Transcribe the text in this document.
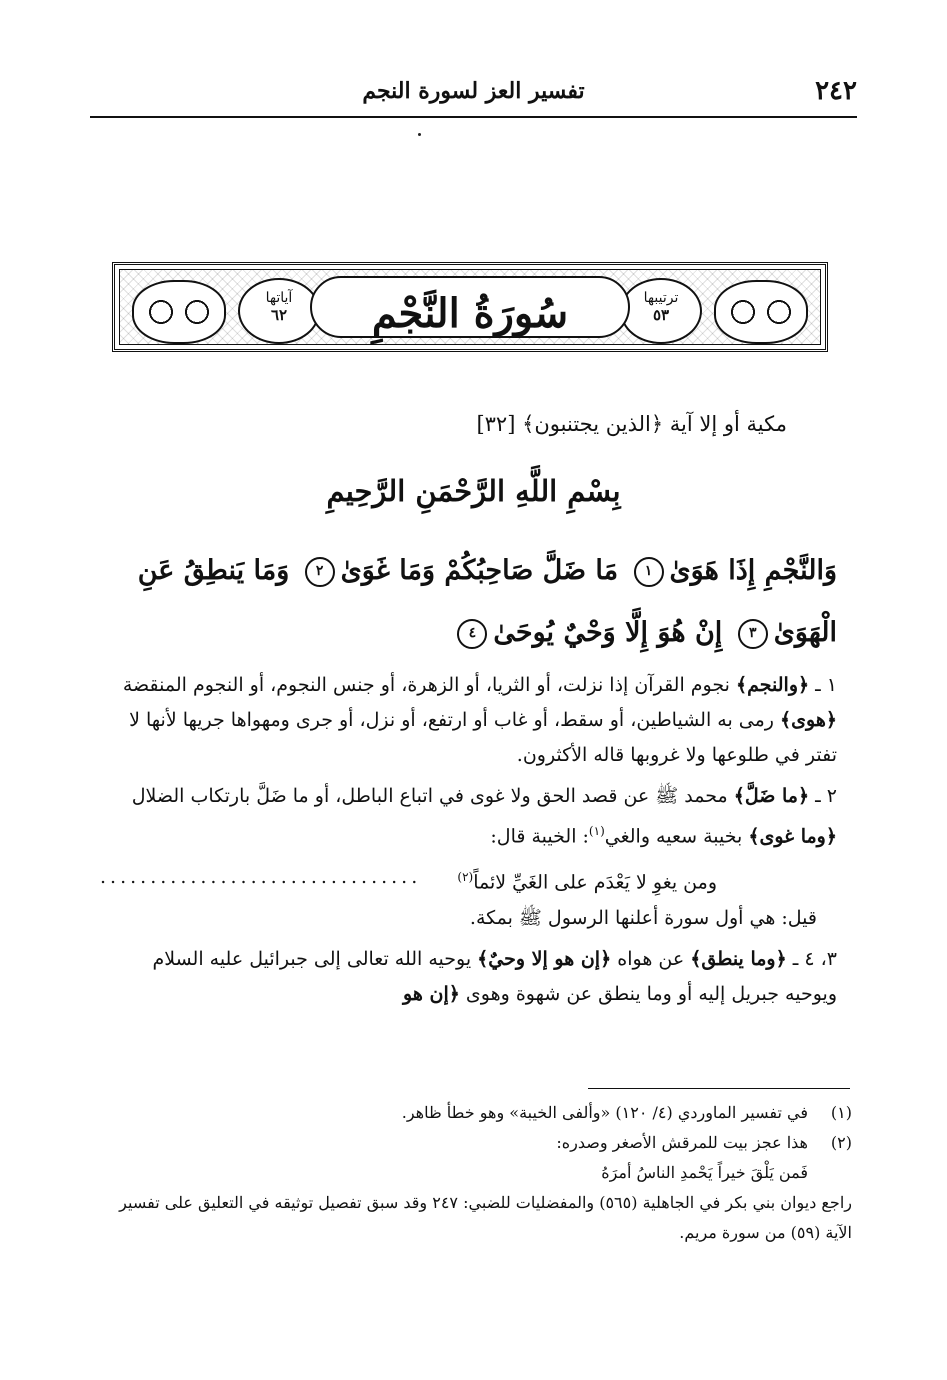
٢٤٢
تفسير العز لسورة النجم
آياتها
٦٢
ترتيبها
٥٣
سُورَةُ النَّجْمِ
مكية أو إلا آية ﴿الذين يجتنبون﴾ [٣٢]
بِسْمِ اللَّهِ الرَّحْمَنِ الرَّحِيمِ
وَالنَّجْمِ إِذَا هَوَىٰ١ مَا ضَلَّ صَاحِبُكُمْ وَمَا غَوَىٰ٢ وَمَا يَنطِقُ عَنِ الْهَوَىٰ٣ إِنْ هُوَ إِلَّا وَحْيٌ يُوحَىٰ٤

١ ـ ﴿والنجم﴾ نجوم القرآن إذا نزلت، أو الثريا، أو الزهرة، أو جنس النجوم، أو النجوم المنقضة ﴿هوى﴾ رمى به الشياطين، أو سقط، أو غاب أو ارتفع، أو نزل، أو جرى ومهواها جريها لأنها لا تفتر في طلوعها ولا غروبها قاله الأكثرون.

٢ ـ ﴿ما ضَلَّ﴾ محمد ﷺ عن قصد الحق ولا غوى في اتباع الباطل، أو ما ضَلَّ بارتكاب الضلال ﴿وما غوى﴾ بخيبة سعيه والغي$^{(١)}$: الخيبة قال:

ومن يغوِ لا يَعْدَم على الغَيِّ لائماً$^{(٢)}$
................................

قيل: هي أول سورة أعلنها الرسول ﷺ بمكة.

٣، ٤ ـ ﴿وما ينطق﴾ عن هواه ﴿إن هو إلا وحيٌ﴾ يوحيه الله تعالى إلى جبرائيل عليه السلام ويوحيه جبريل إليه أو وما ينطق عن شهوة وهوى ﴿إن هو

(١)
في تفسير الماوردي (٤/ ١٢٠) «وألفى الخيبة» وهو خطأ ظاهر.
(٢)
هذا عجز بيت للمرقش الأصغر وصدره:
فَمن يَلْقَ خيراً يَحْمدِ الناسُ أمرَهُ
راجع ديوان بني بكر في الجاهلية (٥٦٥) والمفضليات للضبي: ٢٤٧ وقد سبق تفصيل توثيقه في التعليق على تفسير الآية (٥٩) من سورة مريم.
